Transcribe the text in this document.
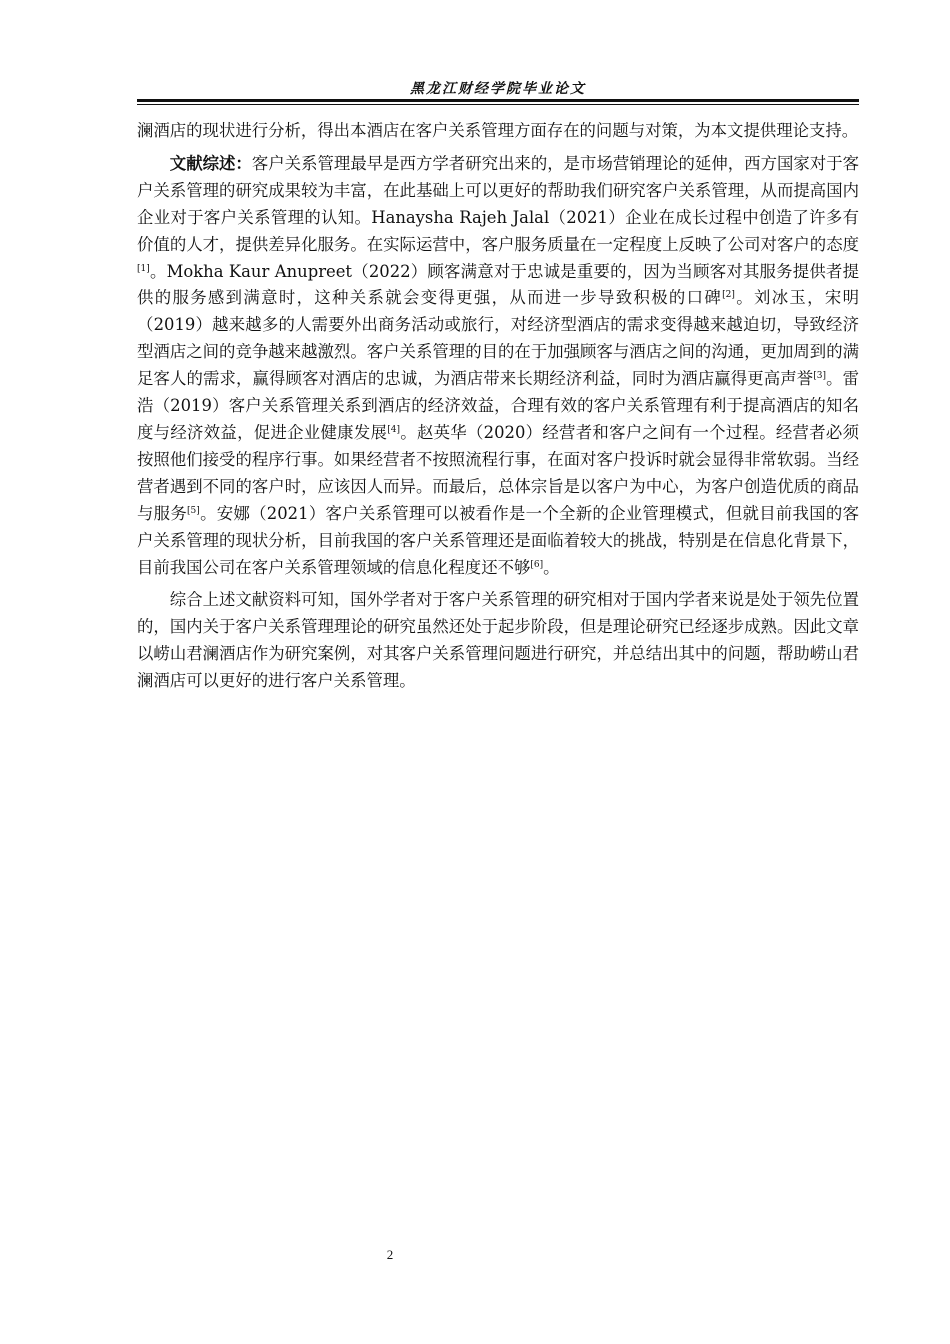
黑龙江财经学院毕业论文

澜酒店的现状进行分析，得出本酒店在客户关系管理方面存在的问题与对策，为本文提供理论支持。

文献综述：客户关系管理最早是西方学者研究出来的，是市场营销理论的延伸，西方国家对于客户关系管理的研究成果较为丰富，在此基础上可以更好的帮助我们研究客户关系管理，从而提高国内企业对于客户关系管理的认知。Hanaysha Rajeh Jalal（2021）企业在成长过程中创造了许多有价值的人才，提供差异化服务。在实际运营中，客户服务质量在一定程度上反映了公司对客户的态度[1]。Mokha Kaur Anupreet（2022）顾客满意对于忠诚是重要的，因为当顾客对其服务提供者提供的服务感到满意时，这种关系就会变得更强，从而进一步导致积极的口碑[2]。刘冰玉，宋明（2019）越来越多的人需要外出商务活动或旅行，对经济型酒店的需求变得越来越迫切，导致经济型酒店之间的竞争越来越激烈。客户关系管理的目的在于加强顾客与酒店之间的沟通，更加周到的满足客人的需求，赢得顾客对酒店的忠诚，为酒店带来长期经济利益，同时为酒店赢得更高声誉[3]。雷浩（2019）客户关系管理关系到酒店的经济效益，合理有效的客户关系管理有利于提高酒店的知名度与经济效益，促进企业健康发展[4]。赵英华（2020）经营者和客户之间有一个过程。经营者必须按照他们接受的程序行事。如果经营者不按照流程行事，在面对客户投诉时就会显得非常软弱。当经营者遇到不同的客户时，应该因人而异。而最后，总体宗旨是以客户为中心，为客户创造优质的商品与服务[5]。安娜（2021）客户关系管理可以被看作是一个全新的企业管理模式，但就目前我国的客户关系管理的现状分析，目前我国的客户关系管理还是面临着较大的挑战，特别是在信息化背景下，目前我国公司在客户关系管理领域的信息化程度还不够[6]。

综合上述文献资料可知，国外学者对于客户关系管理的研究相对于国内学者来说是处于领先位置的，国内关于客户关系管理理论的研究虽然还处于起步阶段，但是理论研究已经逐步成熟。因此文章以崂山君澜酒店作为研究案例，对其客户关系管理问题进行研究，并总结出其中的问题，帮助崂山君澜酒店可以更好的进行客户关系管理。

2
